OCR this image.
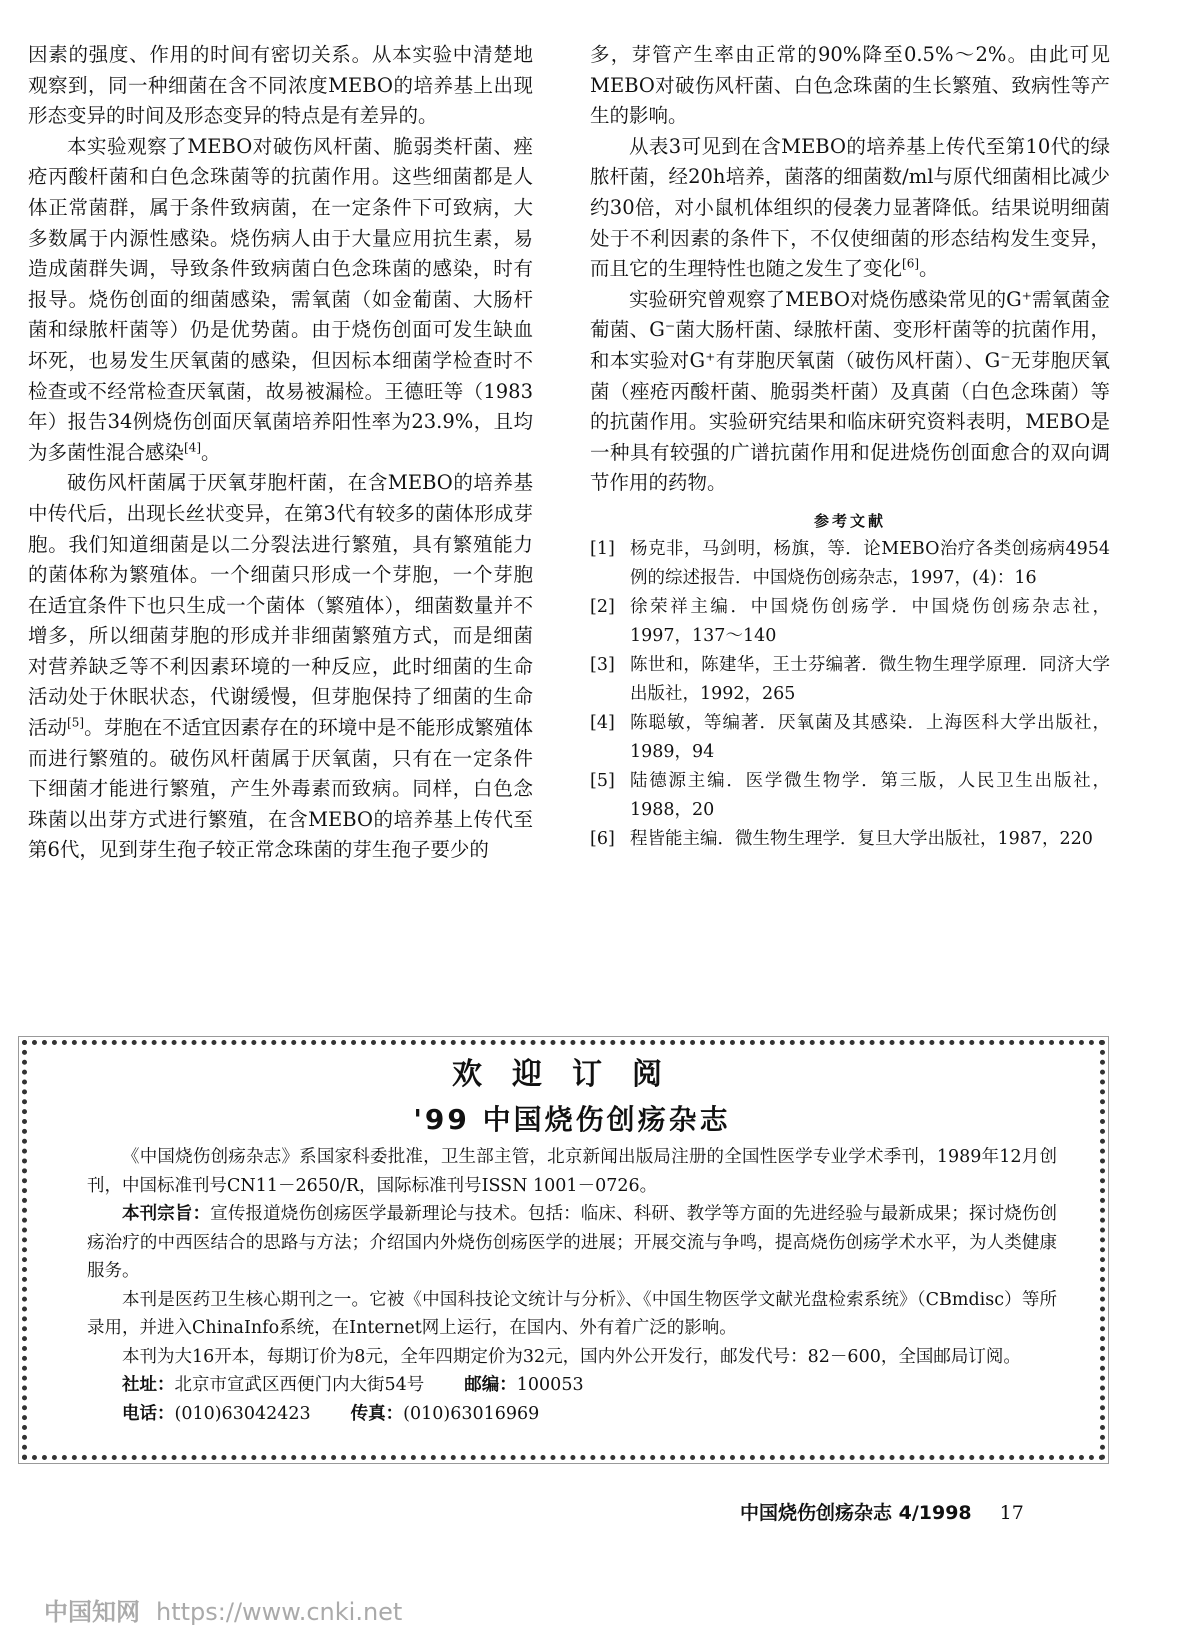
因素的强度、作用的时间有密切关系。从本实验中清楚地观察到，同一种细菌在含不同浓度MEBO的培养基上出现形态变异的时间及形态变异的特点是有差异的。

本实验观察了MEBO对破伤风杆菌、脆弱类杆菌、痤疮丙酸杆菌和白色念珠菌等的抗菌作用。这些细菌都是人体正常菌群，属于条件致病菌，在一定条件下可致病，大多数属于内源性感染。烧伤病人由于大量应用抗生素，易造成菌群失调，导致条件致病菌白色念珠菌的感染，时有报导。烧伤创面的细菌感染，需氧菌（如金葡菌、大肠杆菌和绿脓杆菌等）仍是优势菌。由于烧伤创面可发生缺血坏死，也易发生厌氧菌的感染，但因标本细菌学检查时不检查或不经常检查厌氧菌，故易被漏检。王德旺等（1983年）报告34例烧伤创面厌氧菌培养阳性率为23.9%，且均为多菌性混合感染[4]。

破伤风杆菌属于厌氧芽胞杆菌，在含MEBO的培养基中传代后，出现长丝状变异，在第3代有较多的菌体形成芽胞。我们知道细菌是以二分裂法进行繁殖，具有繁殖能力的菌体称为繁殖体。一个细菌只形成一个芽胞，一个芽胞在适宜条件下也只生成一个菌体（繁殖体），细菌数量并不增多，所以细菌芽胞的形成并非细菌繁殖方式，而是细菌对营养缺乏等不利因素环境的一种反应，此时细菌的生命活动处于休眠状态，代谢缓慢，但芽胞保持了细菌的生命活动[5]。芽胞在不适宜因素存在的环境中是不能形成繁殖体而进行繁殖的。破伤风杆菌属于厌氧菌，只有在一定条件下细菌才能进行繁殖，产生外毒素而致病。同样，白色念珠菌以出芽方式进行繁殖，在含MEBO的培养基上传代至第6代，见到芽生孢子较正常念珠菌的芽生孢子要少的

多，芽管产生率由正常的90%降至0.5%～2%。由此可见MEBO对破伤风杆菌、白色念珠菌的生长繁殖、致病性等产生的影响。

从表3可见到在含MEBO的培养基上传代至第10代的绿脓杆菌，经20h培养，菌落的细菌数/ml与原代细菌相比减少约30倍，对小鼠机体组织的侵袭力显著降低。结果说明细菌处于不利因素的条件下，不仅使细菌的形态结构发生变异，而且它的生理特性也随之发生了变化[6]。

实验研究曾观察了MEBO对烧伤感染常见的G⁺需氧菌金葡菌、G⁻菌大肠杆菌、绿脓杆菌、变形杆菌等的抗菌作用，和本实验对G⁺有芽胞厌氧菌（破伤风杆菌）、G⁻无芽胞厌氧菌（痤疮丙酸杆菌、脆弱类杆菌）及真菌（白色念珠菌）等的抗菌作用。实验研究结果和临床研究资料表明，MEBO是一种具有较强的广谱抗菌作用和促进烧伤创面愈合的双向调节作用的药物。

参考文献
[1] 杨克非，马剑明，杨旗，等．论MEBO治疗各类创疡病4954例的综述报告．中国烧伤创疡杂志，1997，(4)：16
[2] 徐荣祥主编．中国烧伤创疡学．中国烧伤创疡杂志社，1997，137～140
[3] 陈世和，陈建华，王士芬编著．微生物生理学原理．同济大学出版社，1992，265
[4] 陈聪敏，等编著．厌氧菌及其感染．上海医科大学出版社，1989，94
[5] 陆德源主编．医学微生物学．第三版，人民卫生出版社，1988，20
[6] 程皆能主编．微生物生理学．复旦大学出版社，1987，220
欢迎订阅
'99 中国烧伤创疡杂志

《中国烧伤创疡杂志》系国家科委批准，卫生部主管，北京新闻出版局注册的全国性医学专业学术季刊，1989年12月创刊，中国标准刊号CN11－2650/R，国际标准刊号ISSN 1001－0726。

本刊宗旨：宣传报道烧伤创疡医学最新理论与技术。包括：临床、科研、教学等方面的先进经验与最新成果；探讨烧伤创疡治疗的中西医结合的思路与方法；介绍国内外烧伤创疡医学的进展；开展交流与争鸣，提高烧伤创疡学术水平，为人类健康服务。

本刊是医药卫生核心期刊之一。它被《中国科技论文统计与分析》、《中国生物医学文献光盘检索系统》（CBmdisc）等所录用，并进入ChinaInfo系统，在Internet网上运行，在国内、外有着广泛的影响。

本刊为大16开本，每期订价为8元，全年四期定价为32元，国内外公开发行，邮发代号：82－600，全国邮局订阅。

社址：北京市宣武区西便门内大街54号 邮编：100053

电话：(010)63042423 传真：(010)63016969

中国烧伤创疡杂志 4/1998 17
中国知网 https://www.cnki.net
